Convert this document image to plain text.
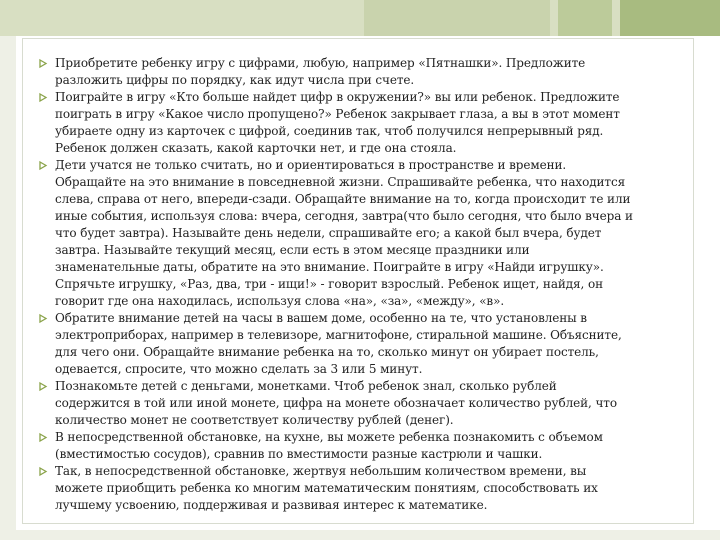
Приобретите ребенку игру с цифрами, любую, например «Пятнашки». Предложите разложить цифры по порядку, как идут числа при счете.

Поиграйте в игру «Кто больше найдет цифр в окружении?» вы или ребенок. Предложите поиграть в игру «Какое число пропущено?» Ребенок закрывает глаза, а вы в этот момент убираете одну из карточек с цифрой, соединив так, чтоб получился непрерывный ряд. Ребенок должен сказать, какой карточки нет, и где она стояла.

Дети учатся не только считать, но и ориентироваться в пространстве и времени. Обращайте на это внимание в повседневной жизни. Спрашивайте ребенка, что находится слева, справа от него, впереди-сзади. Обращайте внимание на то, когда происходит те или иные события, используя слова: вчера, сегодня, завтра(что было сегодня, что было вчера и что будет завтра). Называйте день недели, спрашивайте его; а какой был вчера, будет завтра. Называйте текущий месяц, если есть в этом месяце праздники или знаменательные даты, обратите на это внимание. Поиграйте в игру «Найди игрушку». Спрячьте игрушку, «Раз, два, три - ищи!» - говорит взрослый. Ребенок ищет, найдя, он говорит где она находилась, используя слова «на», «за», «между», «в».

Обратите внимание детей на часы в вашем доме, особенно на те, что установлены в электроприборах, например в телевизоре, магнитофоне, стиральной машине. Объясните, для чего они. Обращайте внимание ребенка на то, сколько минут он убирает постель, одевается, спросите, что можно сделать за 3 или 5 минут.

Познакомьте детей с деньгами, монетками. Чтоб ребенок знал, сколько рублей содержится в той или иной монете, цифра на монете обозначает количество рублей, что количество монет не соответствует количеству рублей (денег).

В непосредственной обстановке, на кухне, вы можете ребенка познакомить с объемом (вместимостью сосудов), сравнив по вместимости разные кастрюли и чашки.

Так, в непосредственной обстановке, жертвуя небольшим количеством времени, вы можете приобщить ребенка ко многим математическим понятиям, способствовать их лучшему усвоению, поддерживая и развивая интерес к математике.
